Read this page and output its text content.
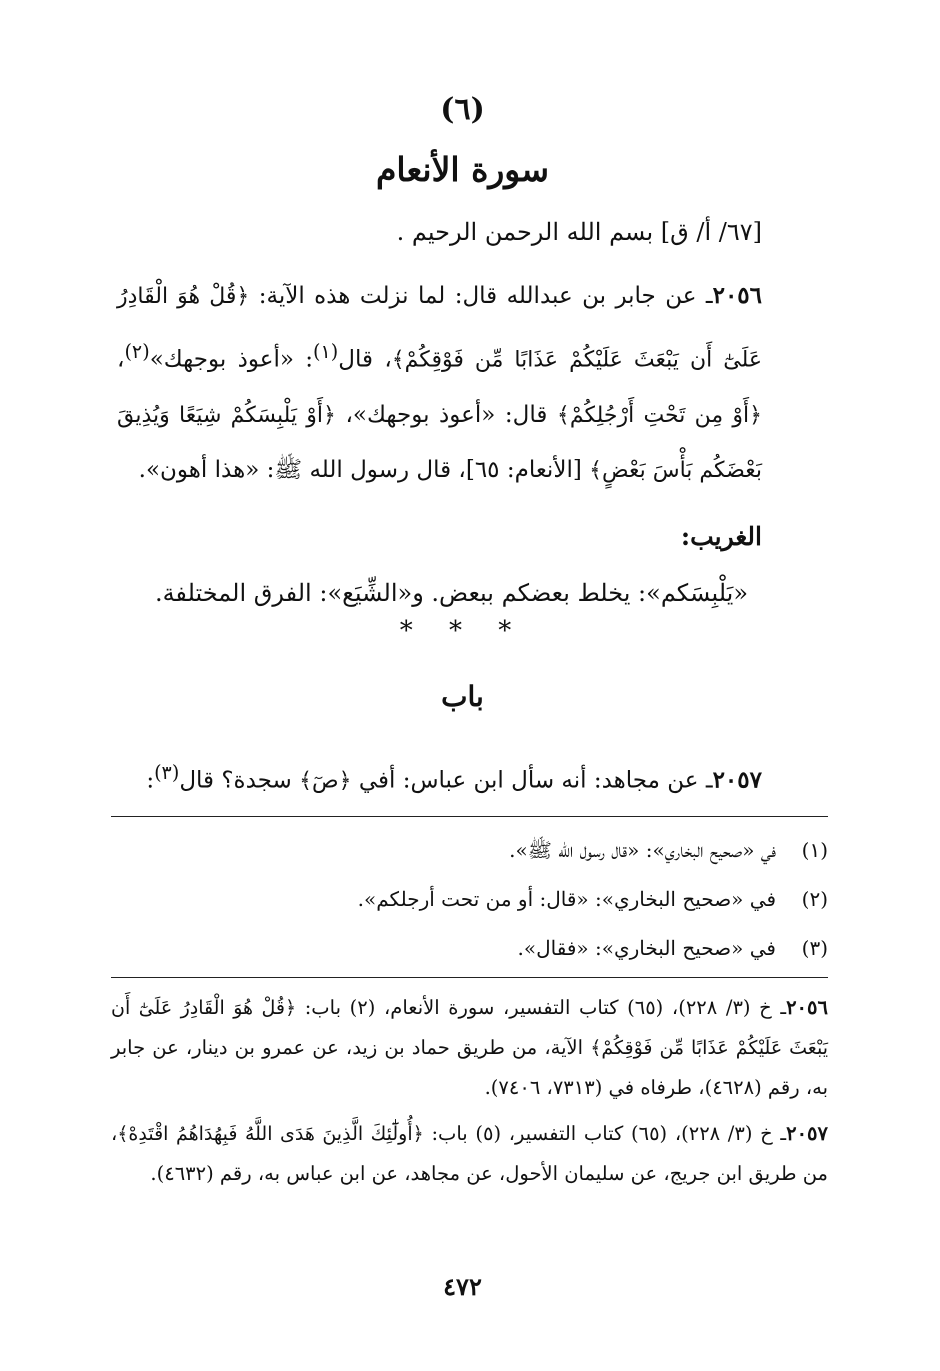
(٦)
سورة الأنعام

[٦٧/ أ/ ق] بسم الله الرحمن الرحيم .

٢٠٥٦ـ عن جابر بن عبدالله قال: لما نزلت هذه الآية: ﴿قُلْ هُوَ الْقَادِرُ عَلَىٰٓ أَن يَبْعَثَ عَلَيْكُمْ عَذَابًا مِّن فَوْقِكُمْ﴾، قال$^{(١)}$: «أعوذ بوجهك»$^{(٢)}$، ﴿أَوْ مِن تَحْتِ أَرْجُلِكُمْ﴾ قال: «أعوذ بوجهك»، ﴿أَوْ يَلْبِسَكُمْ شِيَعًا وَيُذِيقَ بَعْضَكُم بَأْسَ بَعْضٍ﴾ [الأنعام: ٦٥]، قال رسول الله ﷺ: «هذا أهون».

الغريب:

«يَلْبِسَكم»: يخلط بعضكم ببعض. و«الشِّيَع»: الفرق المختلفة.

* * *
باب

٢٠٥٧ـ عن مجاهد: أنه سأل ابن عباس: أفي ﴿صٓ﴾ سجدة؟ قال$^{(٣)}$:

(١)في «صحيح البخاري»: «قال رسول الله ﷺ».
(٢)في «صحيح البخاري»: «قال: أو من تحت أرجلكم».
(٣)في «صحيح البخاري»: «فقال».

٢٠٥٦ـ خ (٣/ ٢٢٨)، (٦٥) كتاب التفسير، سورة الأنعام، (٢) باب: ﴿قُلْ هُوَ الْقَادِرُ عَلَىٰٓ أَن يَبْعَثَ عَلَيْكُمْ عَذَابًا مِّن فَوْقِكُمْ﴾ الآية، من طريق حماد بن زيد، عن عمرو بن دينار، عن جابر به، رقم (٤٦٢٨)، طرفاه في (٧٣١٣، ٧٤٠٦).

٢٠٥٧ـ خ (٣/ ٢٢٨)، (٦٥) كتاب التفسير، (٥) باب: ﴿أُولَٰٓئِكَ الَّذِينَ هَدَى اللَّهُ فَبِهُدَاهُمُ اقْتَدِهْ﴾، من طريق ابن جريج، عن سليمان الأحول، عن مجاهد، عن ابن عباس به، رقم (٤٦٣٢).

٤٧٢
